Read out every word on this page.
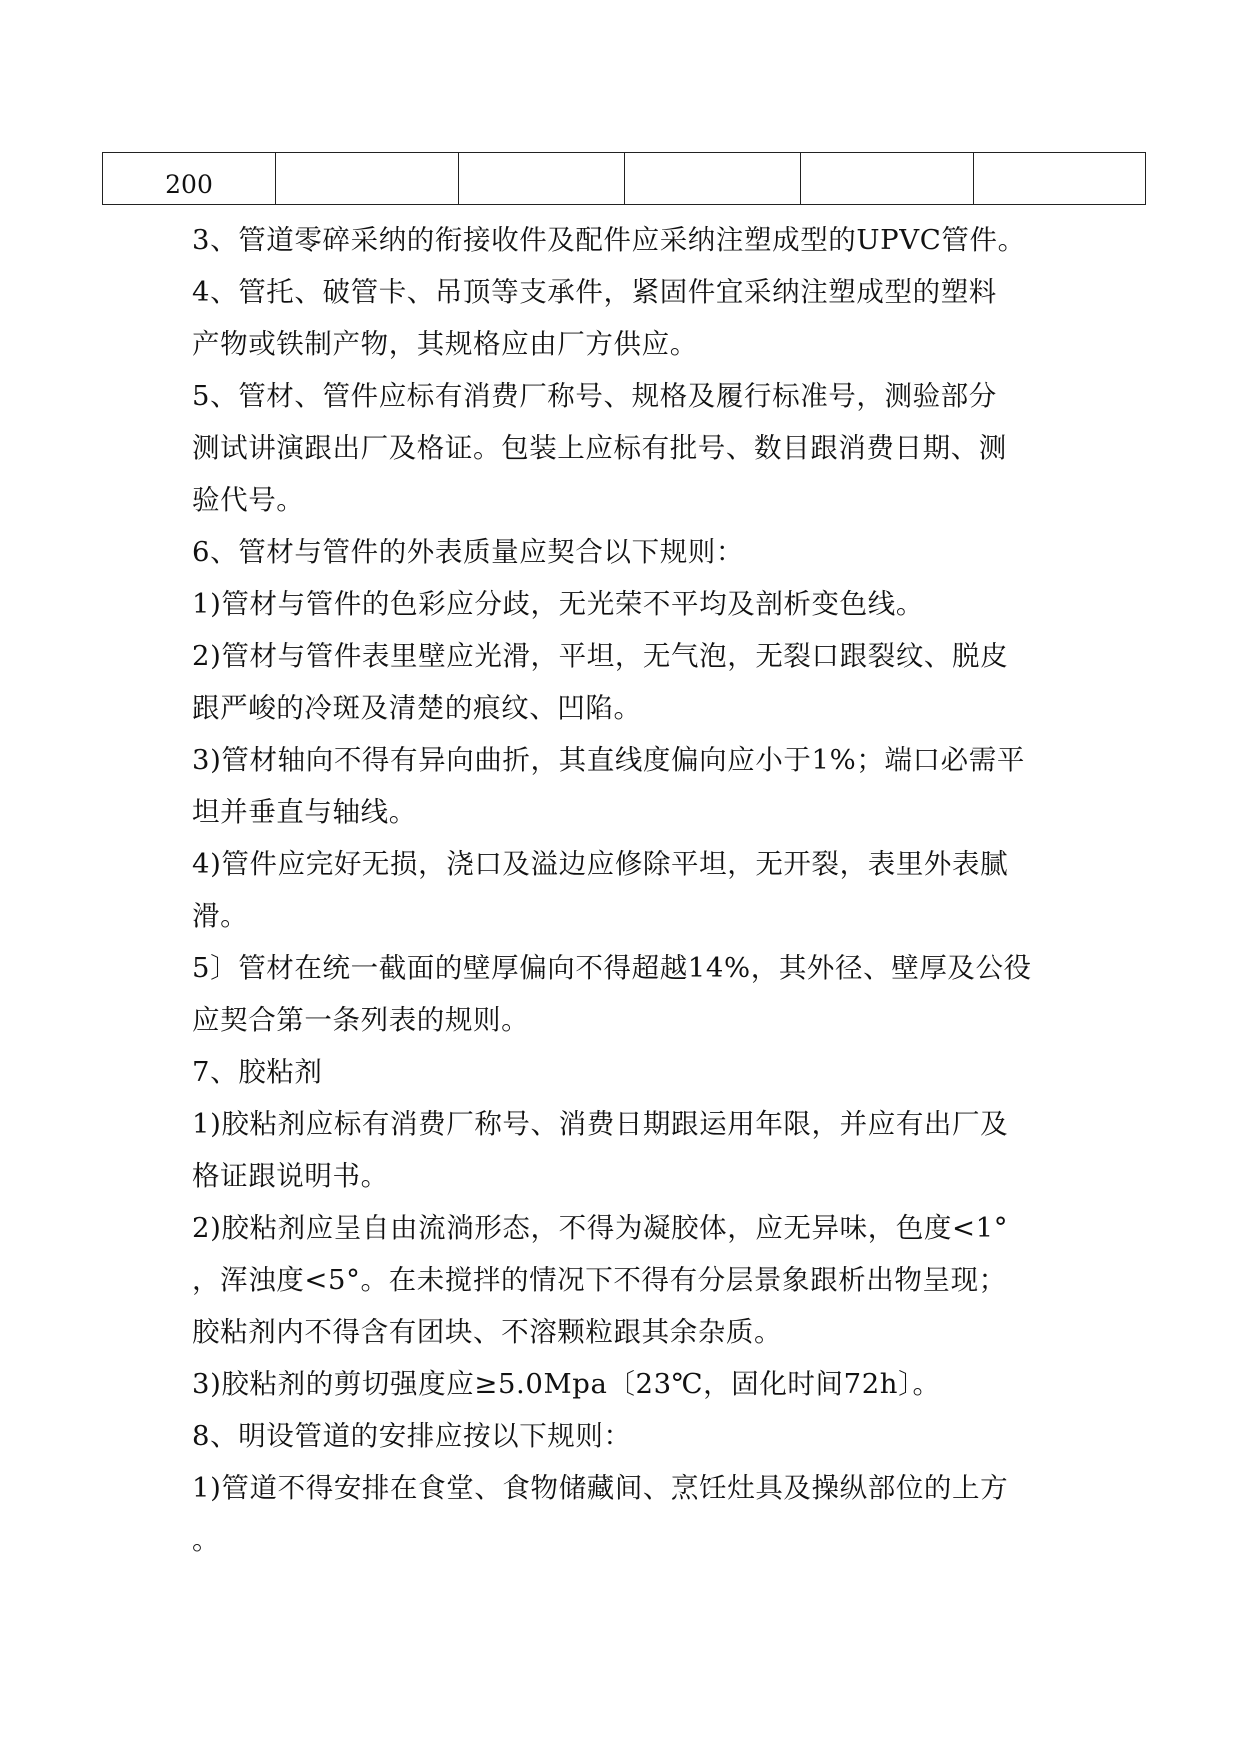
200					

3、管道零碎采纳的衔接收件及配件应采纳注塑成型的UPVC管件。

4、管托、破管卡、吊顶等支承件，紧固件宜采纳注塑成型的塑料
产物或铁制产物，其规格应由厂方供应。

5、管材、管件应标有消费厂称号、规格及履行标准号，测验部分
测试讲演跟出厂及格证。包装上应标有批号、数目跟消费日期、测
验代号。

6、管材与管件的外表质量应契合以下规则：

1)管材与管件的色彩应分歧，无光荣不平均及剖析变色线。

2)管材与管件表里壁应光滑，平坦，无气泡，无裂口跟裂纹、脱皮
跟严峻的冷斑及清楚的痕纹、凹陷。

3)管材轴向不得有异向曲折，其直线度偏向应小于1%；端口必需平
坦并垂直与轴线。

4)管件应完好无损，浇口及溢边应修除平坦，无开裂，表里外表腻
滑。

5〕管材在统一截面的壁厚偏向不得超越14%，其外径、壁厚及公役
应契合第一条列表的规则。

7、胶粘剂

1)胶粘剂应标有消费厂称号、消费日期跟运用年限，并应有出厂及
格证跟说明书。

2)胶粘剂应呈自由流淌形态，不得为凝胶体，应无异味，色度<1°
，浑浊度<5°。在未搅拌的情况下不得有分层景象跟析出物呈现；
胶粘剂内不得含有团块、不溶颗粒跟其余杂质。

3)胶粘剂的剪切强度应≥5.0Mpa〔23℃，固化时间72h〕。

8、明设管道的安排应按以下规则：

1)管道不得安排在食堂、食物储藏间、烹饪灶具及操纵部位的上方
。
